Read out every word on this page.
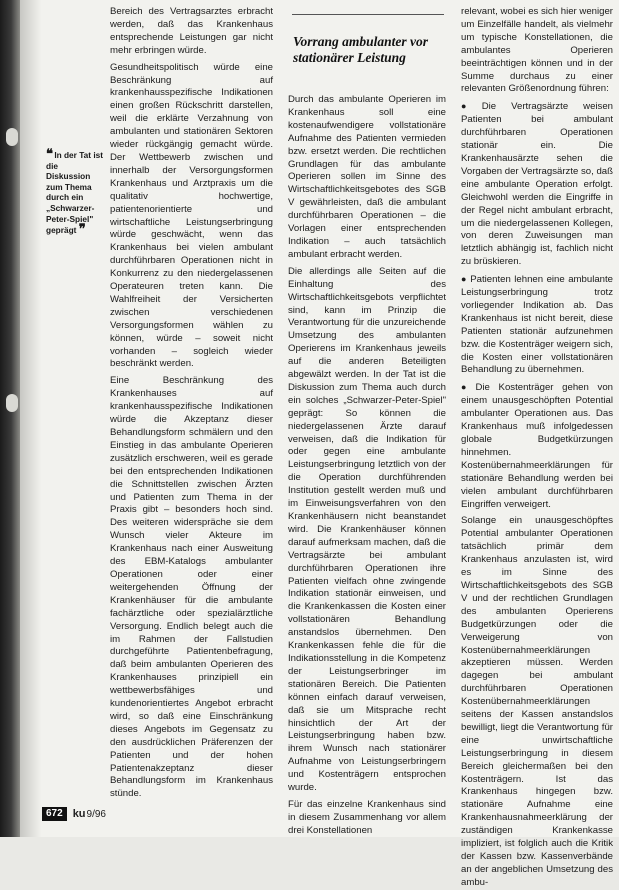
❝ In der Tat ist die Diskussion zum Thema durch ein „Schwarzer-Peter-Spiel" geprägt ❞

Bereich des Vertragsarztes erbracht werden, daß das Krankenhaus entsprechende Leistungen gar nicht mehr erbringen würde.

Gesundheitspolitisch würde eine Beschränkung auf krankenhausspezifische Indikationen einen großen Rückschritt darstellen, weil die erklärte Verzahnung von ambulanten und stationären Sektoren wieder rückgängig gemacht würde. Der Wettbewerb zwischen und innerhalb der Versorgungsformen Krankenhaus und Arztpraxis um die qualitativ hochwertige, patientenorientierte und wirtschaftliche Leistungserbringung würde geschwächt, wenn das Krankenhaus bei vielen ambulant durchführbaren Operationen nicht in Konkurrenz zu den niedergelassenen Operateuren treten kann. Die Wahlfreiheit der Versicherten zwischen verschiedenen Versorgungsformen wählen zu können, würde – soweit nicht vorhanden – sogleich wieder beschränkt werden.

Eine Beschränkung des Krankenhauses auf krankenhausspezifische Indikationen würde die Akzeptanz dieser Behandlungsform schmälern und den Einstieg in das ambulante Operieren zusätzlich erschweren, weil es gerade bei den entsprechenden Indikationen die Schnittstellen zwischen Ärzten und Patienten zum Thema in der Praxis gibt – besonders hoch sind. Des weiteren widerspräche sie dem Wunsch vieler Akteure im Krankenhaus nach einer Ausweitung des EBM-Katalogs ambulanter Operationen oder einer weitergehenden Öffnung der Krankenhäuser für die ambulante fachärztliche oder spezialärztliche Versorgung. Endlich belegt auch die im Rahmen der Fallstudien durchgeführte Patientenbefragung, daß beim ambulanten Operieren des Krankenhauses prinzipiell ein wettbewerbsfähiges und kundenorientiertes Angebot erbracht wird, so daß eine Einschränkung dieses Angebots im Gegensatz zu den ausdrücklichen Präferenzen der Patienten und der hohen Patientenakzeptanz dieser Behandlungsform im Krankenhaus stünde.

Vorrang ambulanter vor stationärer Leistung

Durch das ambulante Operieren im Krankenhaus soll eine kostenaufwendigere vollstationäre Aufnahme des Patienten vermieden bzw. ersetzt werden. Die rechtlichen Grundlagen für das ambulante Operieren sollen im Sinne des Wirtschaftlichkeitsgebotes des SGB V gewährleisten, daß die ambulant durchführbaren Operationen – die Vorlagen einer entsprechenden Indikation – auch tatsächlich ambulant erbracht werden.

Die allerdings alle Seiten auf die Einhaltung des Wirtschaftlichkeitsgebots verpflichtet sind, kann im Prinzip die Verantwortung für die unzureichende Umsetzung des ambulanten Operierens im Krankenhaus jeweils auf die anderen Beteiligten abgewälzt werden. In der Tat ist die Diskussion zum Thema auch durch ein solches „Schwarzer-Peter-Spiel" geprägt: So können die niedergelassenen Ärzte darauf verweisen, daß die Indikation für oder gegen eine ambulante Leistungserbringung letztlich von der die Operation durchführenden Institution gestellt werden muß und im Einweisungsverfahren von den Krankenhäusern nicht beanstandet wird. Die Krankenhäuser können darauf aufmerksam machen, daß die Vertragsärzte bei ambulant durchführbaren Operationen ihre Patienten vielfach ohne zwingende Indikation stationär einweisen, und die Krankenkassen die Kosten einer vollstationären Behandlung anstandslos übernehmen. Den Krankenkassen fehle die für die Indikationsstellung in die Kompetenz der Leistungserbringer im stationären Bereich. Die Patienten können einfach darauf verweisen, daß sie um Mitsprache recht hinsichtlich der Art der Leistungserbringung haben bzw. ihrem Wunsch nach stationärer Aufnahme von Leistungserbringern und Kostenträgern entsprochen wurde.

Für das einzelne Krankenhaus sind in diesem Zusammenhang vor allem drei Konstellationen

relevant, wobei es sich hier weniger um Einzelfälle handelt, als vielmehr um typische Konstellationen, die ambulantes Operieren beeinträchtigen können und in der Summe durchaus zu einer relevanten Größenordnung führen:

● Die Vertragsärzte weisen Patienten bei ambulant durchführbaren Operationen stationär ein. Die Krankenhausärzte sehen die Vorgaben der Vertragsärzte so, daß eine ambulante Operation erfolgt. Gleichwohl werden die Eingriffe in der Regel nicht ambulant erbracht, um die niedergelassenen Kollegen, von deren Zuweisungen man letztlich abhängig ist, fachlich nicht zu brüskieren.
● Patienten lehnen eine ambulante Leistungserbringung trotz vorliegender Indikation ab. Das Krankenhaus ist nicht bereit, diese Patienten stationär aufzunehmen bzw. die Kostenträger weigern sich, die Kosten einer vollstationären Behandlung zu übernehmen.
● Die Kostenträger gehen von einem unausgeschöpften Potential ambulanter Operationen aus. Das Krankenhaus muß infolgedessen globale Budgetkürzungen hinnehmen. Kostenübernahmeerklärungen für stationäre Behandlung werden bei vielen ambulant durchführbaren Eingriffen verweigert.

Solange ein unausgeschöpftes Potential ambulanter Operationen tatsächlich primär dem Krankenhaus anzulasten ist, wird es im Sinne des Wirtschaftlichkeitsgebots des SGB V und der rechtlichen Grundlagen des ambulanten Operierens Budgetkürzungen oder die Verweigerung von Kostenübernahmeerklärungen akzeptieren müssen. Werden dagegen bei ambulant durchführbaren Operationen Kostenübernahmeerklärungen seitens der Kassen anstandslos bewilligt, liegt die Verantwortung für eine unwirtschaftliche Leistungserbringung in diesem Bereich gleichermaßen bei den Kostenträgern. Ist das Krankenhaus hingegen bzw. stationäre Aufnahme eine Krankenhausnahmeerklärung der zuständigen Krankenkasse impliziert, ist folglich auch die Kritik der Kassen bzw. Kassenverbände an der angeblichen Umsetzung des ambu-

672 ku 9/96
